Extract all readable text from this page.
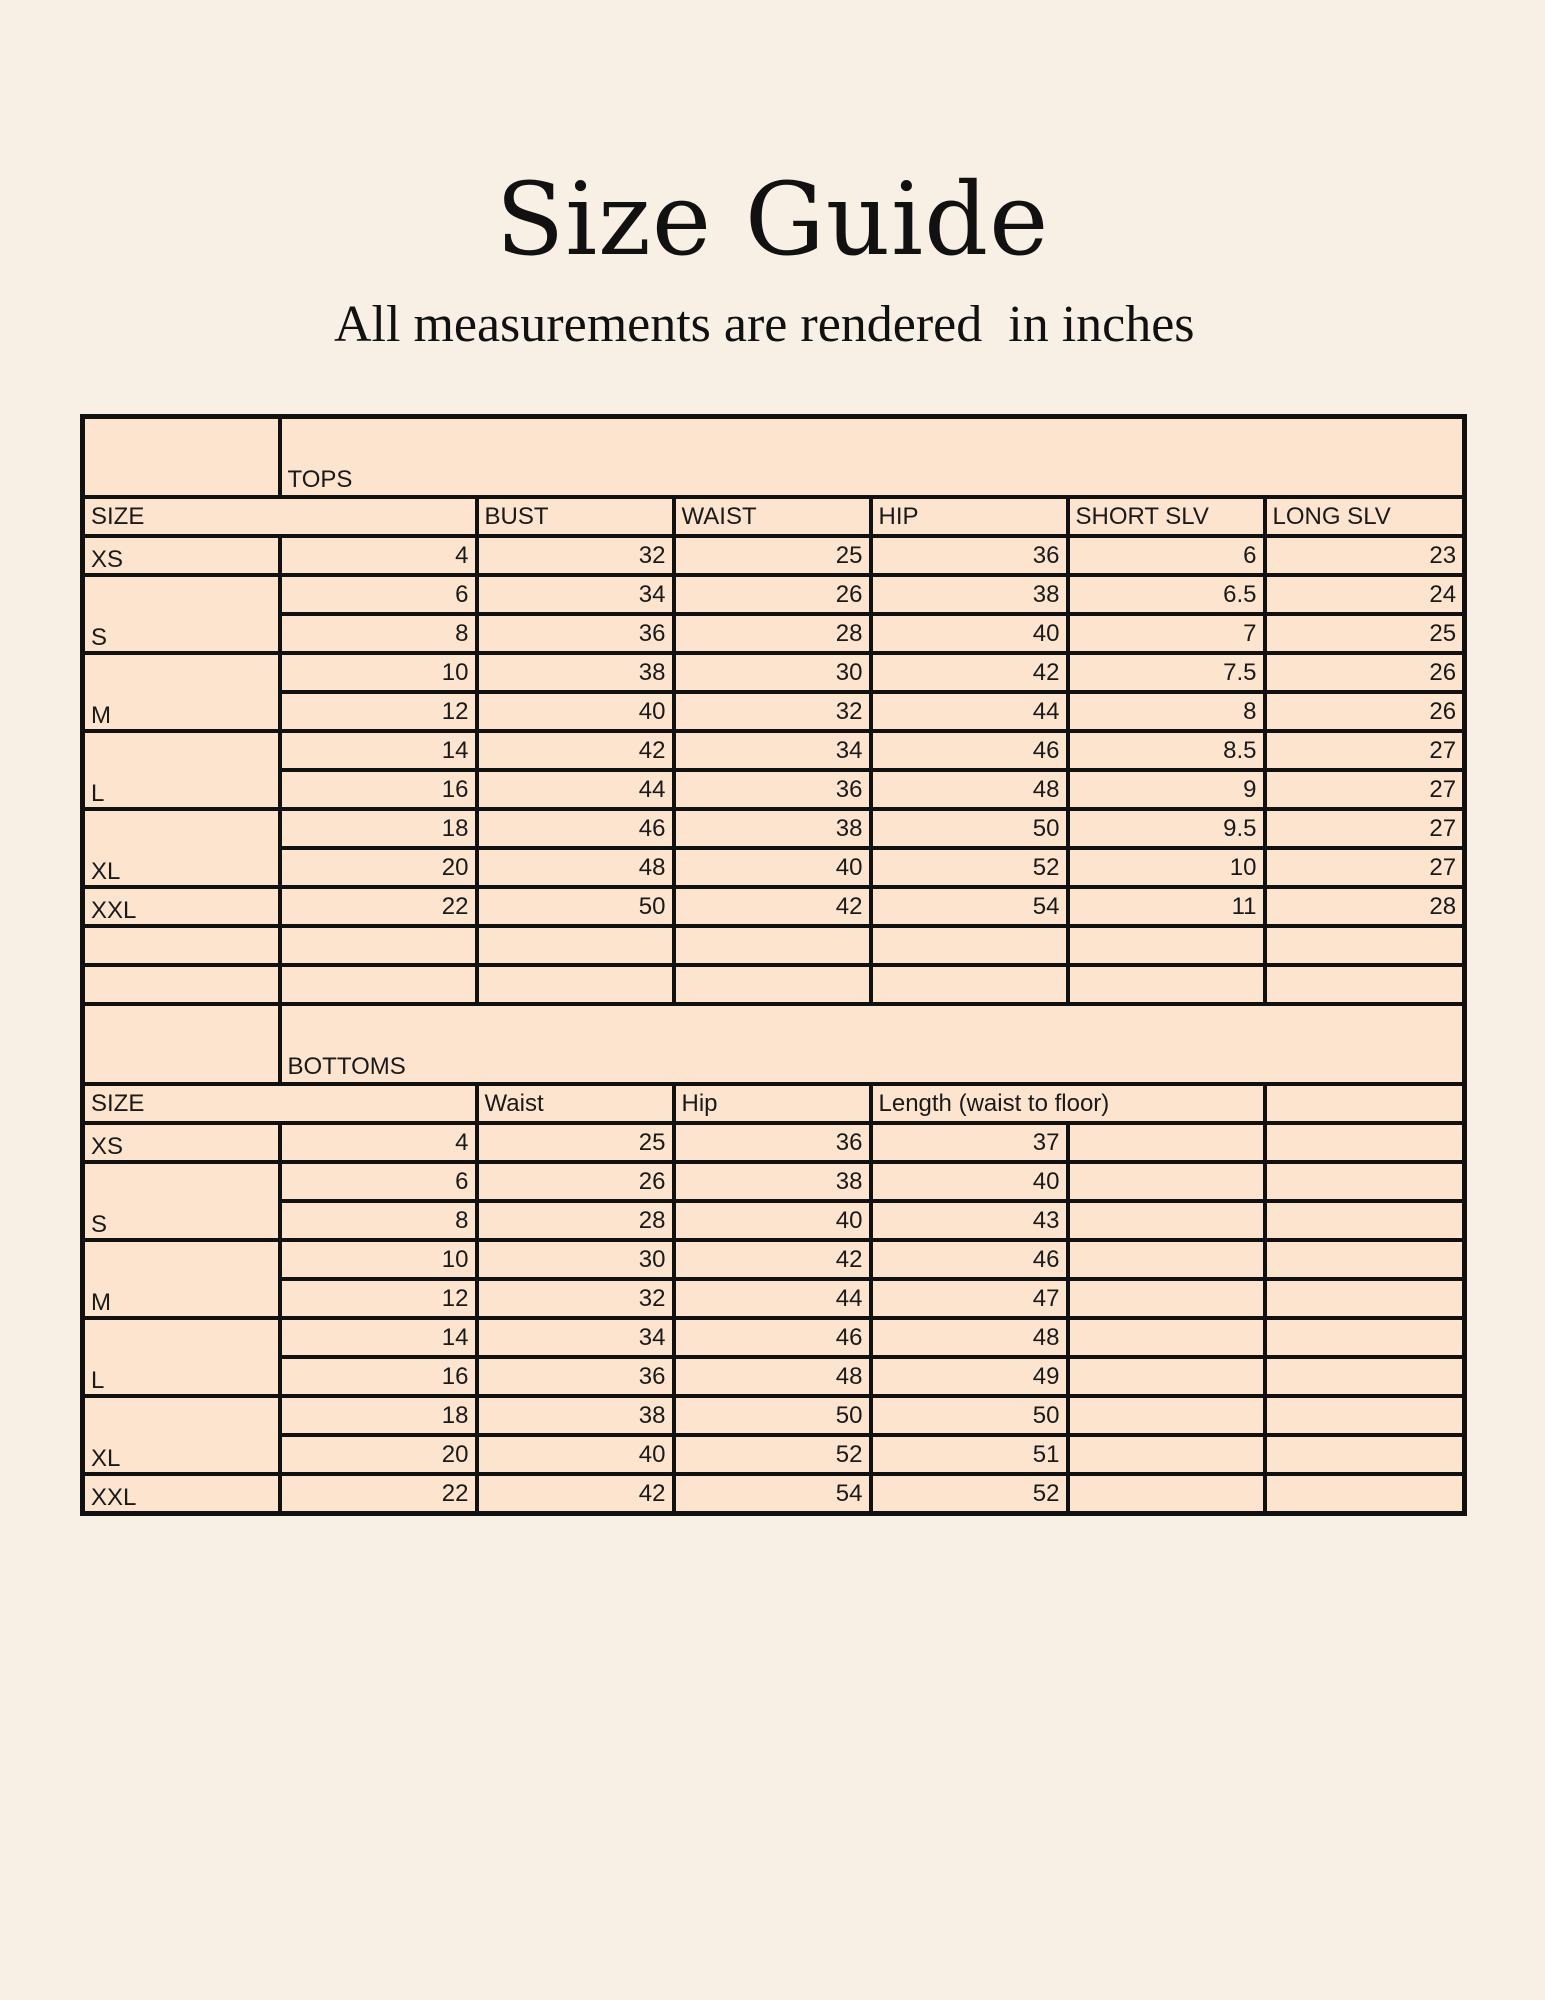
Size Guide
All measurements are rendered  in inches
	TOPS					
SIZE		BUST	WAIST	HIP	SHORT SLV	LONG SLV
XS	4	32	25	36	6	23
S	6	34	26	38	6.5	24
	8	36	28	40	7	25
M	10	38	30	42	7.5	26
	12	40	32	44	8	26
L	14	42	34	46	8.5	27
	16	44	36	48	9	27
XL	18	46	38	50	9.5	27
	20	48	40	52	10	27
XXL	22	50	42	54	11	28

	BOTTOMS					
SIZE		Waist	Hip	Length (waist to floor)		
XS	4	25	36	37		
S	6	26	38	40		
	8	28	40	43		
M	10	30	42	46		
	12	32	44	47		
L	14	34	46	48		
	16	36	48	49		
XL	18	38	50	50		
	20	40	52	51		
XXL	22	42	54	52		
